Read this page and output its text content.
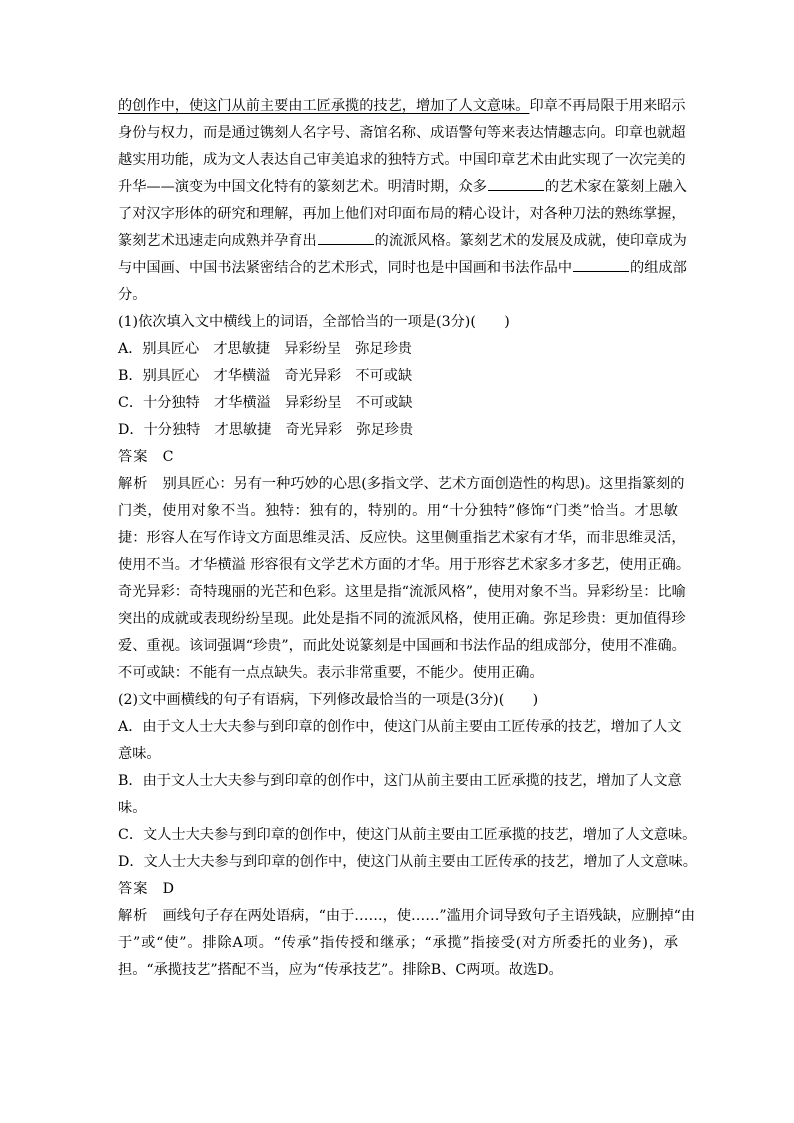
的创作中，使这门从前主要由工匠承揽的技艺，增加了人文意味。印章不再局限于用来昭示
身份与权力，而是通过镌刻人名字号、斋馆名称、成语警句等来表达情趣志向。印章也就超
越实用功能，成为文人表达自己审美追求的独特方式。中国印章艺术由此实现了一次完美的
升华——演变为中国文化特有的篆刻艺术。明清时期，众多	的艺术家在篆刻上融入
了对汉字形体的研究和理解，再加上他们对印面布局的精心设计，对各种刀法的熟练掌握，
篆刻艺术迅速走向成熟并孕育出	的流派风格。篆刻艺术的发展及成就，使印章成为
与中国画、中国书法紧密结合的艺术形式，同时也是中国画和书法作品中	的组成部
分。
(1)依次填入文中横线上的词语，全部恰当的一项是(3分)(　　)
A．别具匠心　才思敏捷　异彩纷呈　弥足珍贵
B．别具匠心　才华横溢　奇光异彩　不可或缺
C．十分独特　才华横溢　异彩纷呈　不可或缺
D．十分独特　才思敏捷　奇光异彩　弥足珍贵
答案　 C
解析　 别具匠心：另有一种巧妙的心思(多指文学、艺术方面创造性的构思)。这里指篆刻的
门类，使用对象不当。独特：独有的，特别的。用“十分独特”修饰“门类”恰当。才思敏
捷：形容人在写作诗文方面思维灵活、反应快。这里侧重指艺术家有才华，而非思维灵活，
使用不当。才华横溢 形容很有文学艺术方面的才华。用于形容艺术家多才多艺，使用正确。
奇光异彩：奇特瑰丽的光芒和色彩。这里是指“流派风格”，使用对象不当。异彩纷呈：比喻
突出的成就或表现纷纷呈现。此处是指不同的流派风格，使用正确。弥足珍贵：更加值得珍
爱、重视。该词强调“珍贵”，而此处说篆刻是中国画和书法作品的组成部分，使用不准确。
不可或缺：不能有一点点缺失。表示非常重要，不能少。使用正确。
(2)文中画横线的句子有语病，下列修改最恰当的一项是(3分)(　　)
A．由于文人士大夫参与到印章的创作中，使这门从前主要由工匠传承的技艺，增加了人文
意味。
B．由于文人士大夫参与到印章的创作中，这门从前主要由工匠承揽的技艺，增加了人文意
味。
C．文人士大夫参与到印章的创作中，使这门从前主要由工匠承揽的技艺，增加了人文意味。
D．文人士大夫参与到印章的创作中，使这门从前主要由工匠传承的技艺，增加了人文意味。
答案　 D
解析　 画线句子存在两处语病，“由于……，使……”滥用介词导致句子主语残缺，应删掉“由
于”或“使”。排除A项。“传承”指传授和继承；“承揽”指接受(对方所委托的业务)，承
担。“承揽技艺”搭配不当，应为“传承技艺”。排除B、C两项。故选D。
